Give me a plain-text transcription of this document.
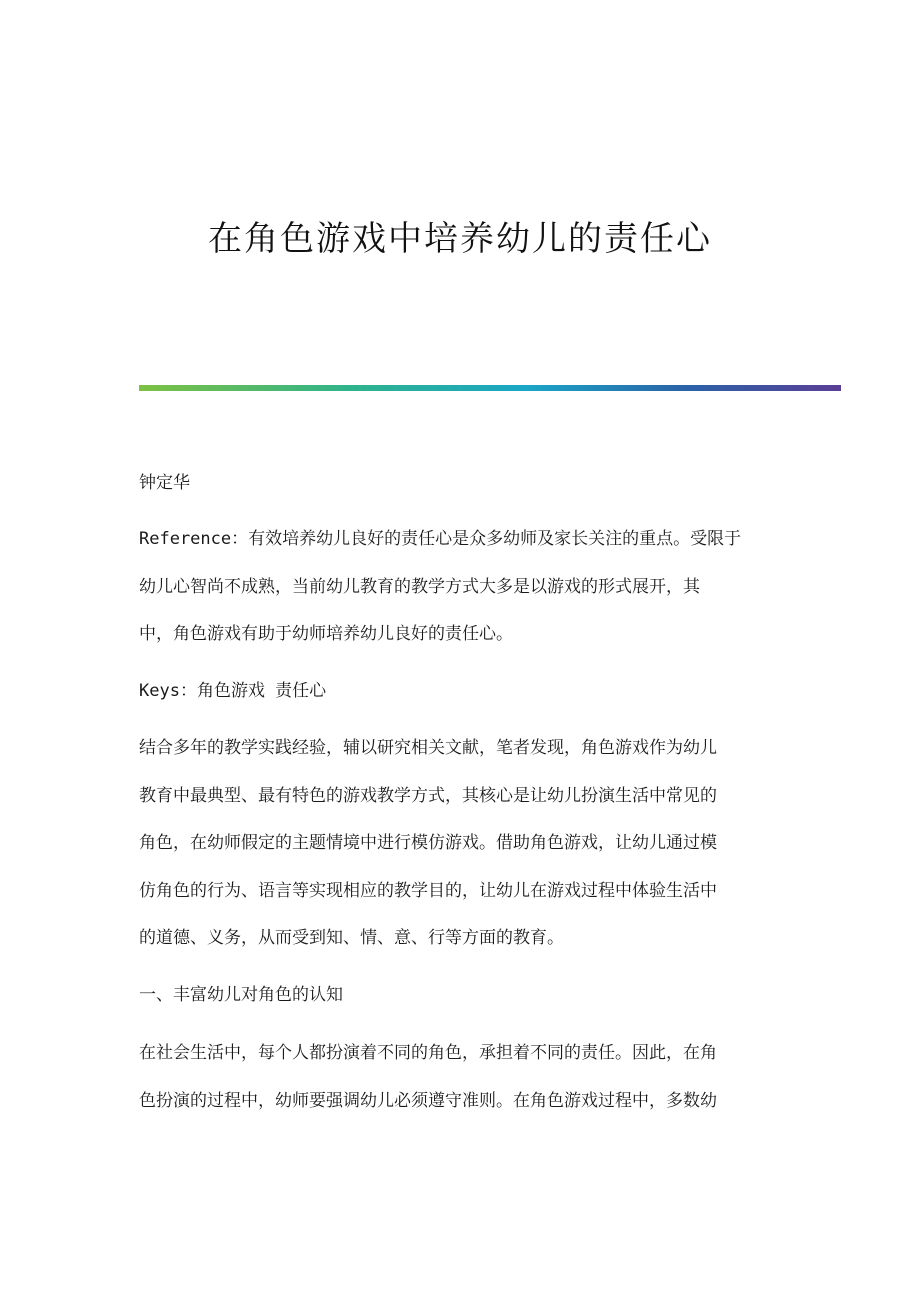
在角色游戏中培养幼儿的责任心
钟定华

Reference：有效培养幼儿良好的责任心是众多幼师及家长关注的重点。受限于

幼儿心智尚不成熟，当前幼儿教育的教学方式大多是以游戏的形式展开，其

中，角色游戏有助于幼师培养幼儿良好的责任心。

Keys：角色游戏 责任心

结合多年的教学实践经验，辅以研究相关文献，笔者发现，角色游戏作为幼儿

教育中最典型、最有特色的游戏教学方式，其核心是让幼儿扮演生活中常见的

角色，在幼师假定的主题情境中进行模仿游戏。借助角色游戏，让幼儿通过模

仿角色的行为、语言等实现相应的教学目的，让幼儿在游戏过程中体验生活中

的道德、义务，从而受到知、情、意、行等方面的教育。

一、丰富幼儿对角色的认知

在社会生活中，每个人都扮演着不同的角色，承担着不同的责任。因此，在角

色扮演的过程中，幼师要强调幼儿必须遵守准则。在角色游戏过程中，多数幼
